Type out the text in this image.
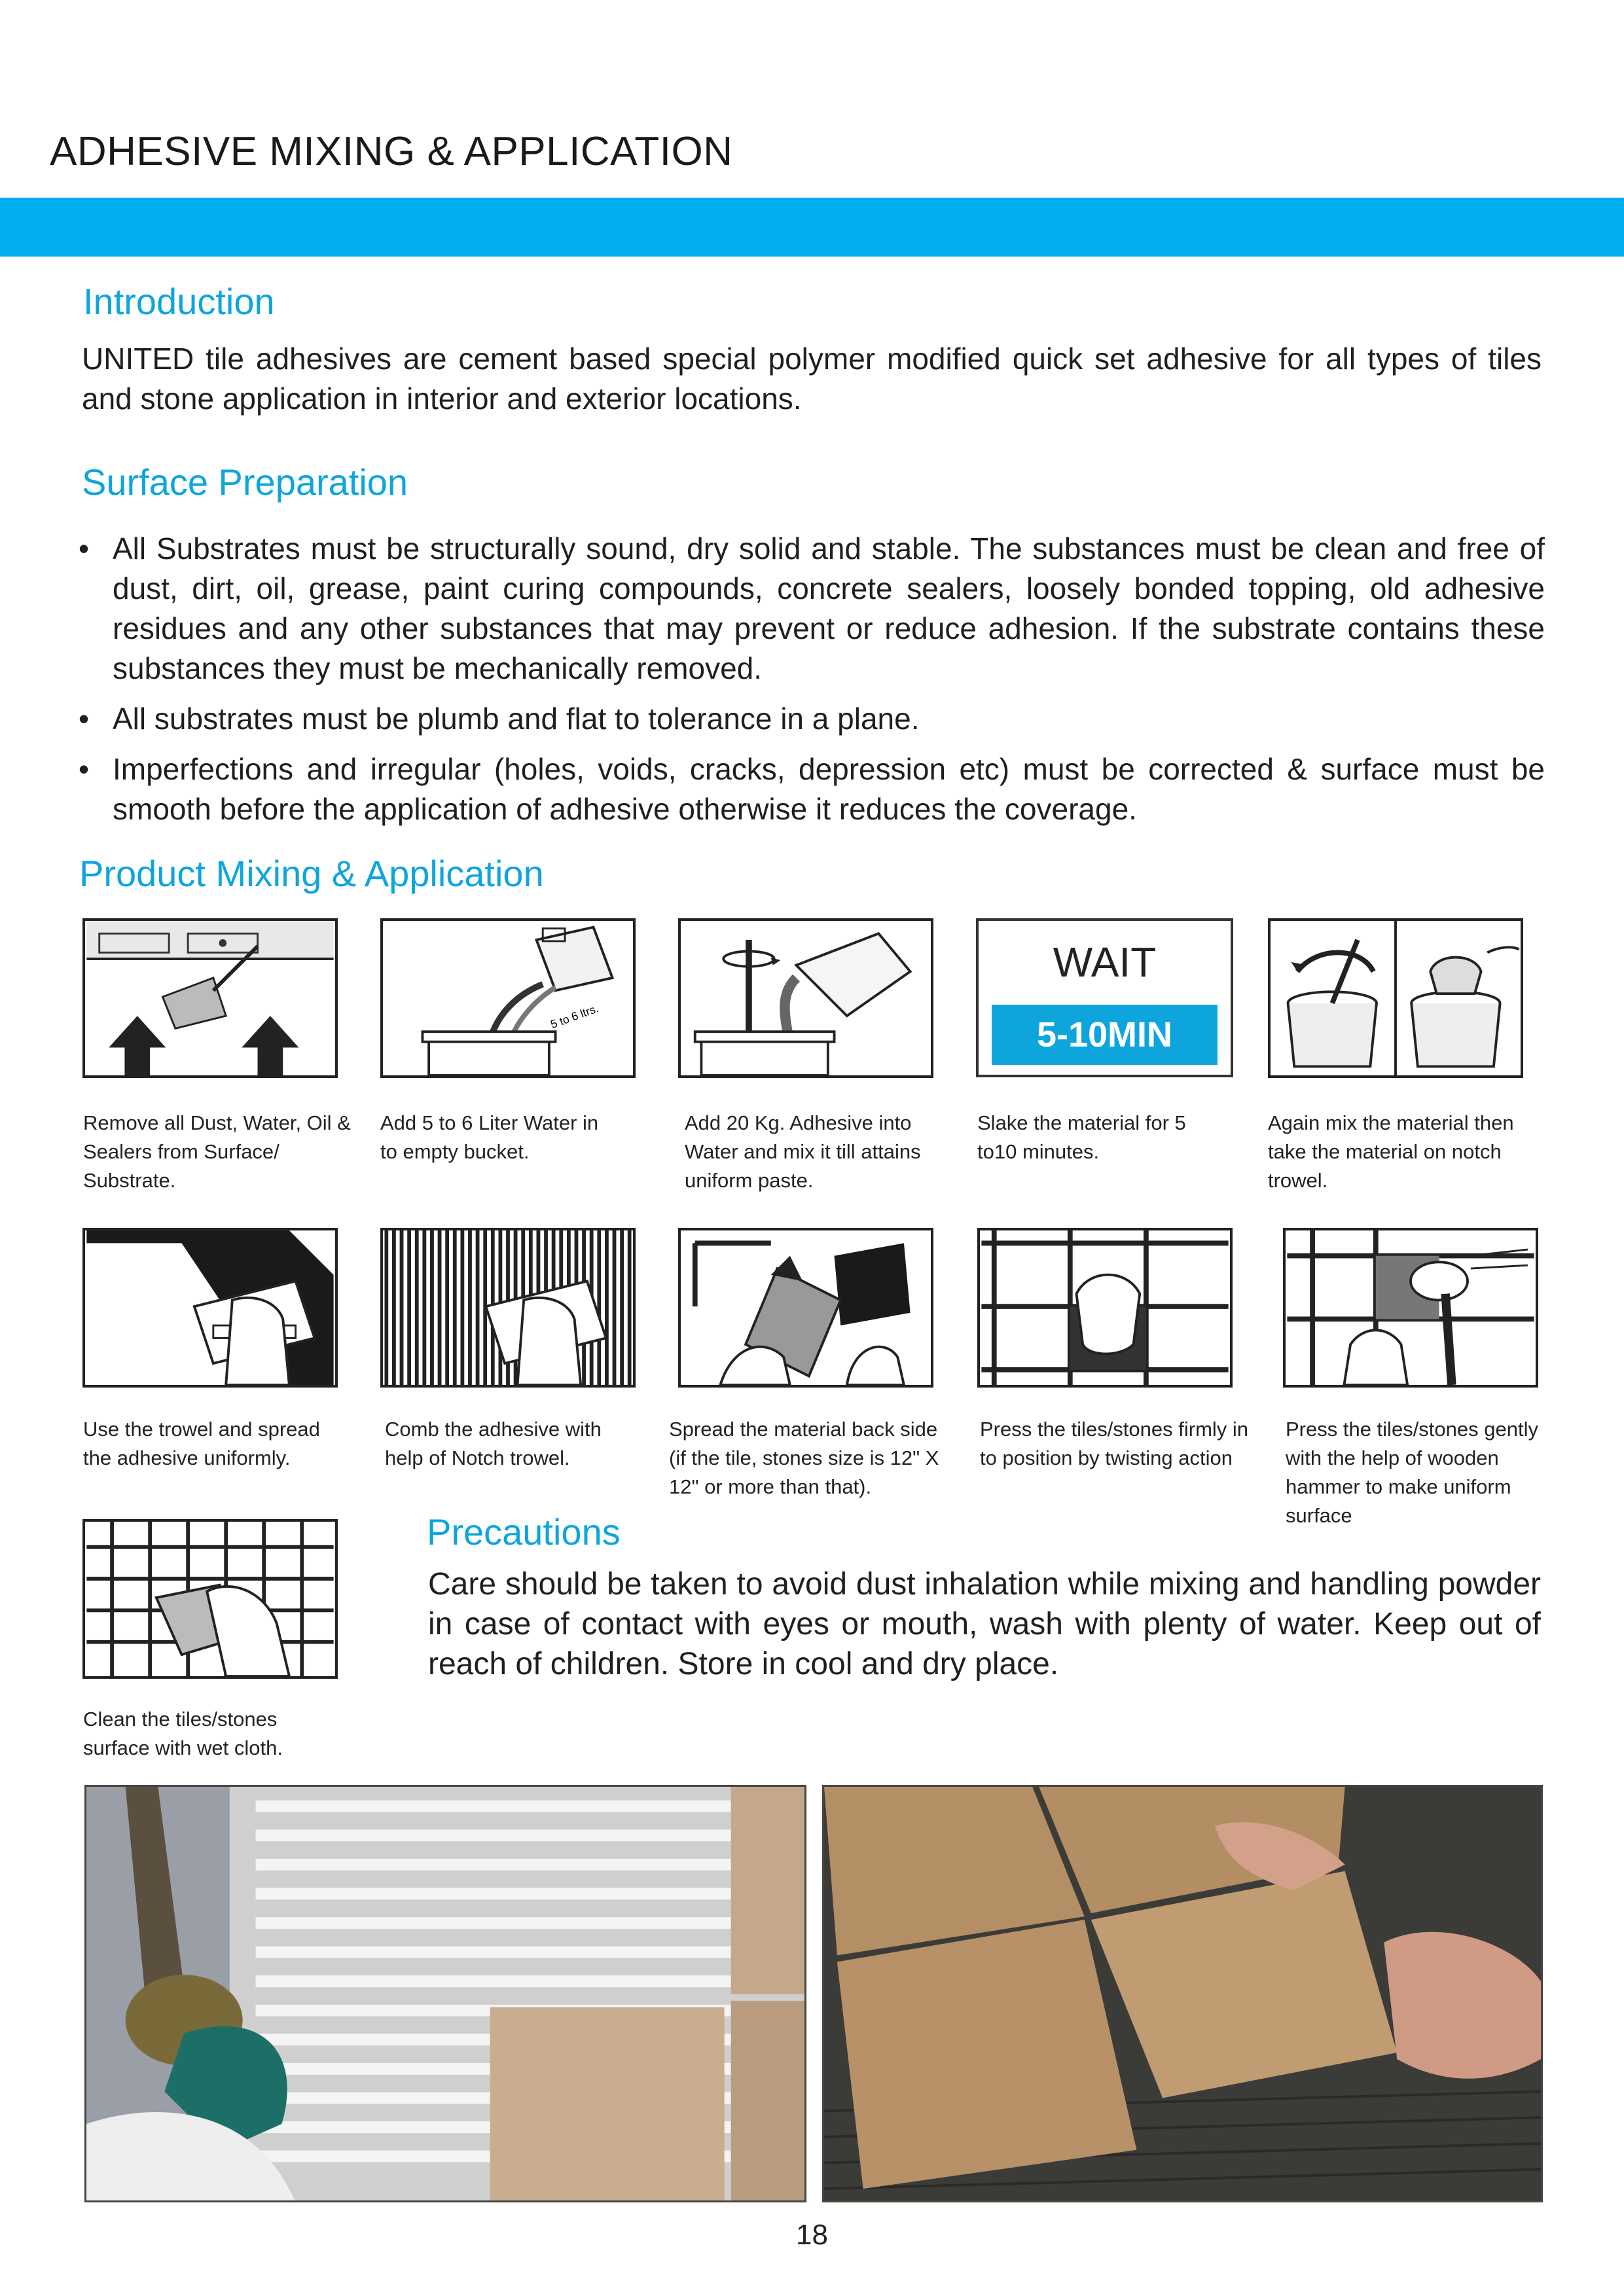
ADHESIVE MIXING & APPLICATION
Introduction
UNITED tile adhesives are cement based special polymer modified quick set adhesive for all types of tiles and stone application in interior and exterior locations.
Surface Preparation
• All Substrates must be structurally sound, dry solid and stable. The substances must be clean and free of dust, dirt, oil, grease, paint curing compounds, concrete sealers, loosely bonded topping, old adhesive residues and any other substances that may prevent or reduce adhesion. If the substrate contains these substances they must be mechanically removed.
• All substrates must be plumb and flat to tolerance in a plane.
• Imperfections and irregular (holes, voids, cracks, depression etc) must be corrected & surface must be smooth before the application of adhesive otherwise it reduces the coverage.
Product Mixing & Application
5 to 6 ltrs.
WAIT
5-10MIN
Remove all Dust, Water, Oil & Sealers from Surface/ Substrate.
Add 5 to 6 Liter Water in to empty bucket.
Add 20 Kg. Adhesive into Water and mix it till attains uniform paste.
Slake the material for 5 to10 minutes.
Again mix the material then take the material on notch trowel.
Use the trowel and spread the adhesive uniformly.
Comb the adhesive with help of Notch trowel.
Spread the material back side (if the tile, stones size is 12" X 12" or more than that).
Press the tiles/stones firmly in to position by twisting action
Press the tiles/stones gently with the help of wooden hammer to make uniform surface
Clean the tiles/stones surface with wet cloth.
Precautions
Care should be taken to avoid dust inhalation while mixing and handling powder in case of contact with eyes or mouth, wash with plenty of water. Keep out of reach of children. Store in cool and dry place.
18
